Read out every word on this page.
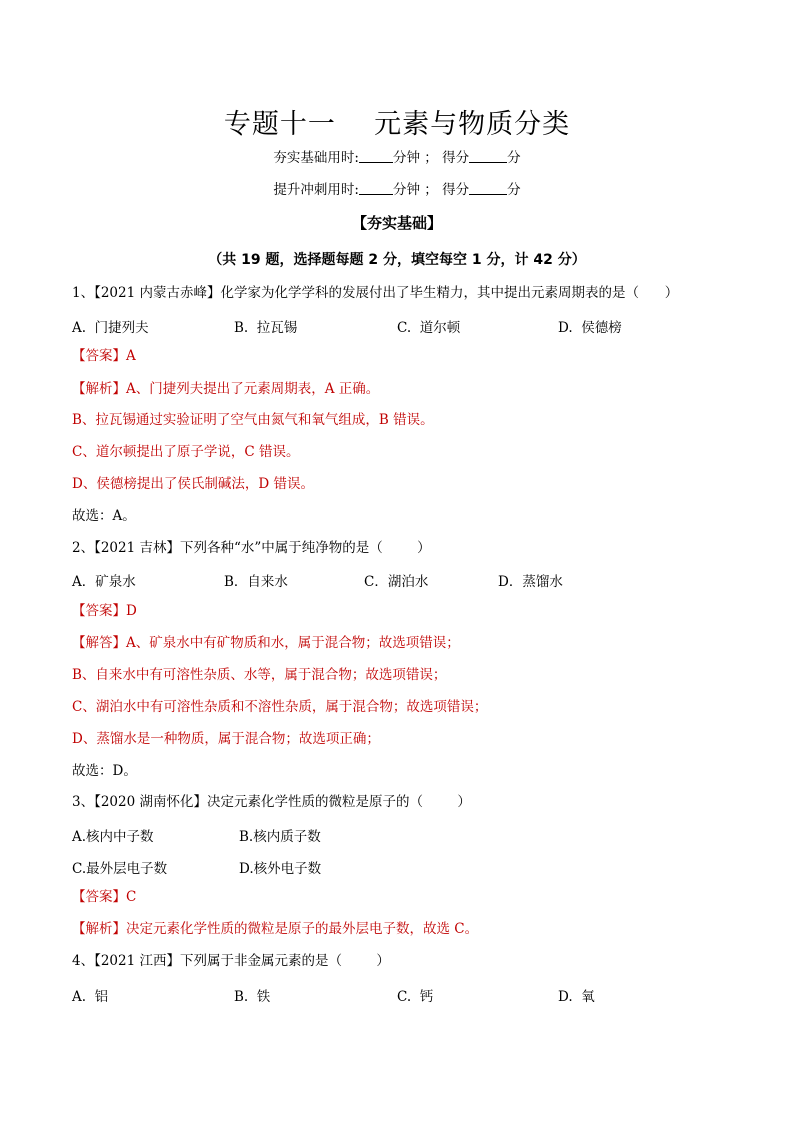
专题十一    元素与物质分类
夯实基础用时:	分钟 ； 得分	分
提升冲刺用时:	分钟 ； 得分	分
【夯实基础】
（共 19 题，选择题每题 2 分，填空每空 1 分，计 42 分）
1、【2021 内蒙古赤峰】化学家为化学学科的发展付出了毕生精力，其中提出元素周期表的是（      ）
A.  门捷列夫	B.  拉瓦锡	C.  道尔顿	D.  侯德榜
【答案】A
【解析】A、门捷列夫提出了元素周期表，A 正确。
B、拉瓦锡通过实验证明了空气由氮气和氧气组成，B 错误。
C、道尔顿提出了原子学说，C 错误。
D、侯德榜提出了侯氏制碱法，D 错误。
故选：A。
2、【2021 吉林】下列各种“水”中属于纯净物的是（        ）
A．矿泉水	B．自来水	C．湖泊水	D．蒸馏水
【答案】D
【解答】A、矿泉水中有矿物质和水，属于混合物；故选项错误；
B、自来水中有可溶性杂质、水等，属于混合物；故选项错误；
C、湖泊水中有可溶性杂质和不溶性杂质，属于混合物；故选项错误；
D、蒸馏水是一种物质，属于混合物；故选项正确；
故选：D。
3、【2020 湖南怀化】决定元素化学性质的微粒是原子的（        ）
A.核内中子数	B.核内质子数
C.最外层电子数	D.核外电子数
【答案】C
【解析】决定元素化学性质的微粒是原子的最外层电子数，故选 C。
4、【2021 江西】下列属于非金属元素的是（        ）
A.  铝	B.  铁	C.  钙	D.  氧
